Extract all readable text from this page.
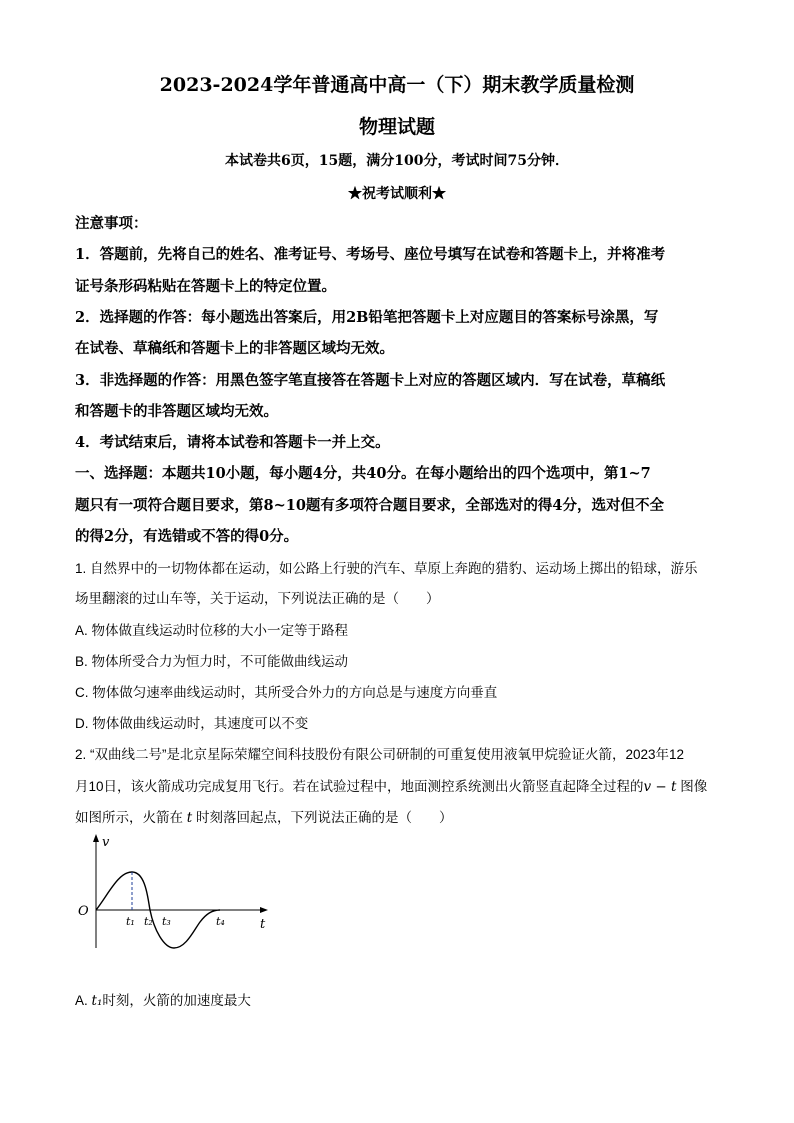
2023-2024学年普通高中高一（下）期末教学质量检测
物理试题
本试卷共6页，15题，满分100分，考试时间75分钟．
★祝考试顺利★
注意事项：
1．答题前，先将自己的姓名、准考证号、考场号、座位号填写在试卷和答题卡上，并将准考
证号条形码粘贴在答题卡上的特定位置。
2．选择题的作答：每小题选出答案后，用2B铅笔把答题卡上对应题目的答案标号涂黑，写
在试卷、草稿纸和答题卡上的非答题区域均无效。
3．非选择题的作答：用黑色签字笔直接答在答题卡上对应的答题区域内．写在试卷，草稿纸
和答题卡的非答题区域均无效。
4．考试结束后，请将本试卷和答题卡一并上交。
一、选择题：本题共10小题，每小题4分，共40分。在每小题给出的四个选项中，第1~7
题只有一项符合题目要求，第8~10题有多项符合题目要求，全部选对的得4分，选对但不全
的得2分，有选错或不答的得0分。
1. 自然界中的一切物体都在运动，如公路上行驶的汽车、草原上奔跑的猎豹、运动场上掷出的铅球，游乐
场里翻滚的过山车等，关于运动，下列说法正确的是（　　）
A. 物体做直线运动时位移的大小一定等于路程
B. 物体所受合力为恒力时，不可能做曲线运动
C. 物体做匀速率曲线运动时，其所受合外力的方向总是与速度方向垂直
D. 物体做曲线运动时，其速度可以不变
2. “双曲线二号”是北京星际荣耀空间科技股份有限公司研制的可重复使用液氧甲烷验证火箭，2023年12
月10日，该火箭成功完成复用飞行。若在试验过程中，地面测控系统测出火箭竖直起降全过程的v − t 图像
如图所示，火箭在 t 时刻落回起点，下列说法正确的是（　　）
v
t
O
t₁ t₂ t₃	t₄
A. t₁时刻，火箭的加速度最大
